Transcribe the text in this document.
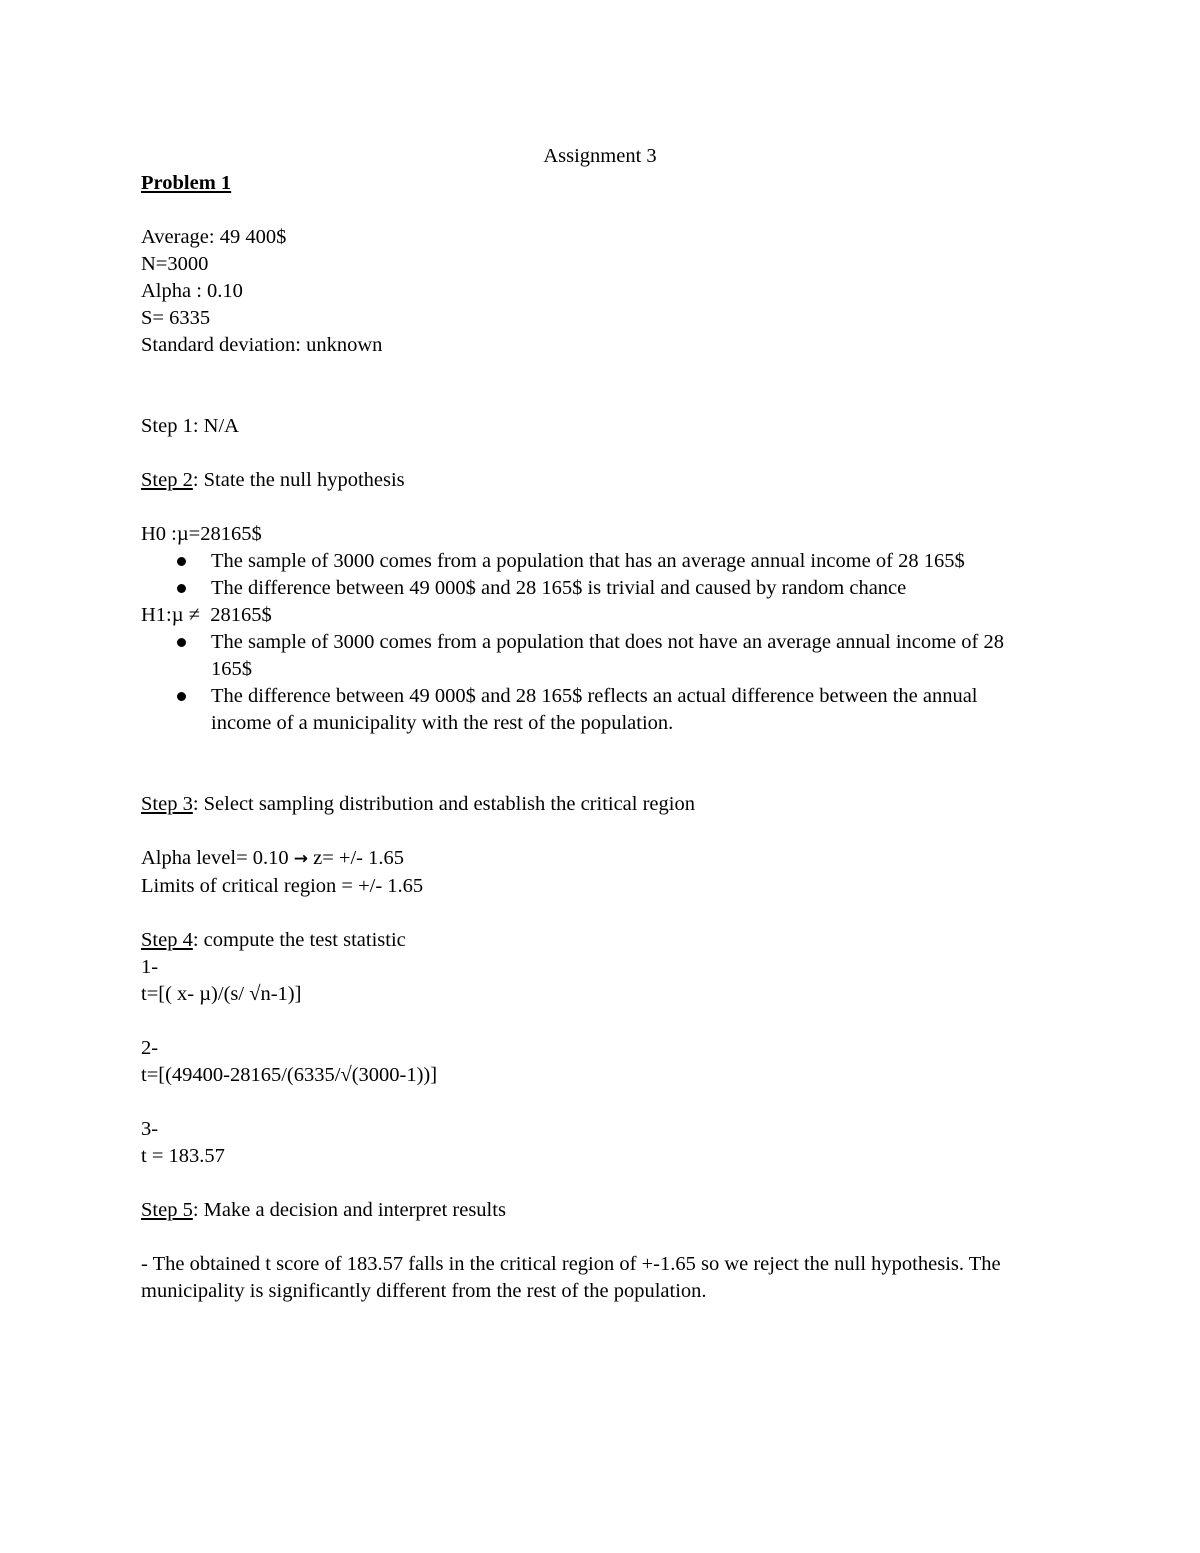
Assignment 3
Problem 1
Average: 49 400$
N=3000
Alpha : 0.10
S= 6335
Standard deviation: unknown
Step 1: N/A
Step 2: State the null hypothesis
H0 :µ=28165$
The sample of 3000 comes from a population that has an average annual income of 28 165$
The difference between 49 000$ and 28 165$ is trivial and caused by random chance
H1:µ ≠  28165$
The sample of 3000 comes from a population that does not have an average annual income of 28 165$
The difference between 49 000$ and 28 165$ reflects an actual difference between the annual income of a municipality with the rest of the population.
Step 3: Select sampling distribution and establish the critical region
Alpha level= 0.10 → z= +/- 1.65
Limits of critical region = +/- 1.65
Step 4: compute the test statistic
1-
t=[( x- µ)/(s/ √n-1)]
2-
t=[(49400-28165/(6335/√(3000-1))]
3-
t = 183.57
Step 5: Make a decision and interpret results
- The obtained t score of 183.57 falls in the critical region of +-1.65 so we reject the null hypothesis. The municipality is significantly different from the rest of the population.
